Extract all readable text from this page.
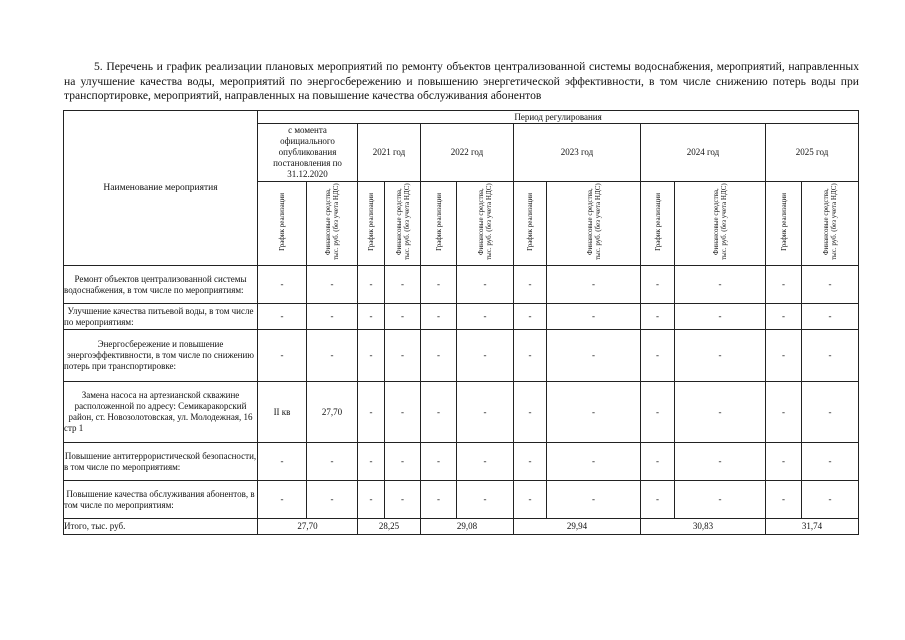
5. Перечень и график реализации плановых мероприятий по ремонту объектов централизованной системы водоснабжения, мероприятий, направленных на улучшение качества воды, мероприятий по энергосбережению и повышению энергетической эффективности, в том числе снижению потерь воды при транспортировке, мероприятий, направленных на повышение качества обслуживания абонентов
Наименование мероприятия	Период регулирования											

	с момента официального опубликования постановления по 31.12.2020		2021 год		2022 год		2023 год		2024 год		2025 год	
	График реализации	Финансовые средства, тыс. руб. (без учета НДС)	График реализации	Финансовые средства, тыс. руб. (без учета НДС)	График реализации	Финансовые средства, тыс. руб. (без учета НДС)	График реализации	Финансовые средства, тыс. руб. (без учета НДС)	График реализации	Финансовые средства, тыс. руб. (без учета НДС)	График реализации	Финансовые средства, тыс. руб. (без учета НДС)
Ремонт объектов централизованной системы водоснабжения, в том числе по мероприятиям:	-	-	-	-	-	-	-	-	-	-	-	-
Улучшение качества питьевой воды, в том числе по мероприятиям:	-	-	-	-	-	-	-	-	-	-	-	-
Энергосбережение и повышение энергоэффективности, в том числе по снижению потерь при транспортировке:	-	-	-	-	-	-	-	-	-	-	-	-
Замена насоса на артезианской скважине расположенной по адресу: Семикаракорский район, ст. Новозолотовская, ул. Молодежная, 16 стр 1	II кв	27,70	-	-	-	-	-	-	-	-	-	-
Повышение антитеррористической безопасности, в том числе по мероприятиям:	-	-	-	-	-	-	-	-	-	-	-	-
Повышение качества обслуживания абонентов, в том числе по мероприятиям:	-	-	-	-	-	-	-	-	-	-	-	-
Итого, тыс. руб.	27,70		28,25		29,08		29,94		30,83		31,74	
